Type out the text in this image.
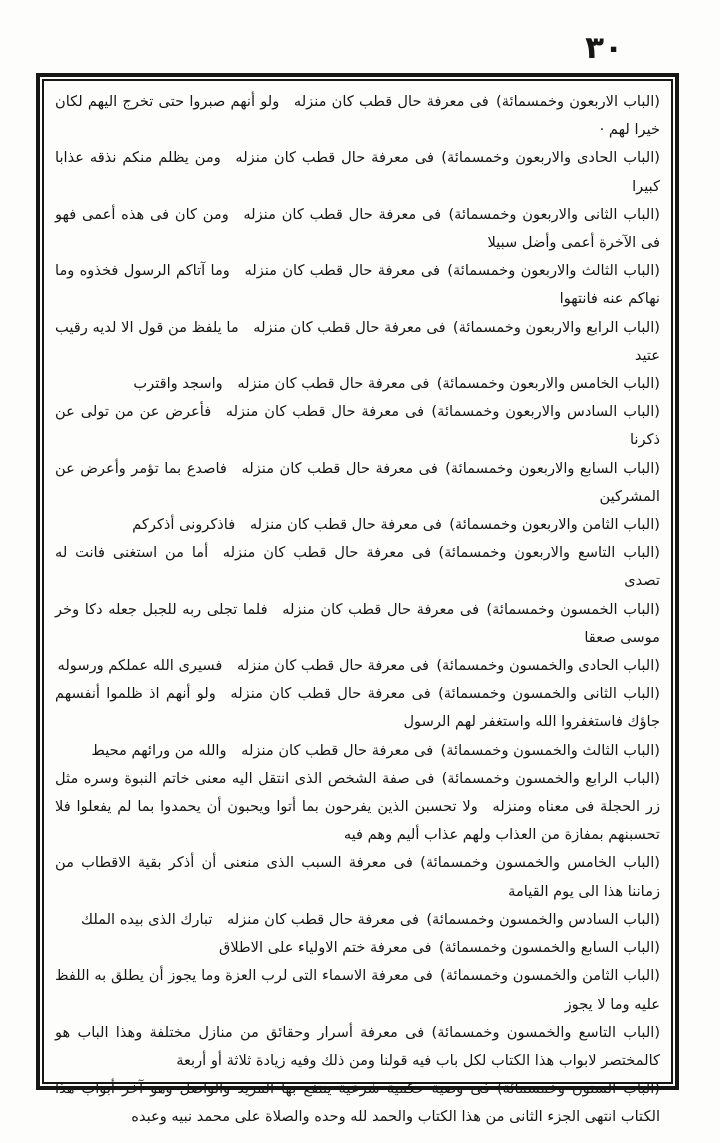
٣٠

(الباب الاربعون وخمسمائة) فى معرفة حال قطب كان منزله  ولو أنهم صبروا حتى تخرج اليهم لكان خيرا لهم ·

(الباب الحادى والاربعون وخمسمائة) فى معرفة حال قطب كان منزله  ومن يظلم منكم نذقه عذابا كبيرا

(الباب الثانى والاربعون وخمسمائة) فى معرفة حال قطب كان منزله  ومن كان فى هذه أعمى فهو فى الآخرة أعمى وأضل سبيلا

(الباب الثالث والاربعون وخمسمائة) فى معرفة حال قطب كان منزله  وما آتاكم الرسول فخذوه وما نهاكم عنه فانتهوا

(الباب الرابع والاربعون وخمسمائة) فى معرفة حال قطب كان منزله  ما يلفظ من قول الا لديه رقيب عتيد

(الباب الخامس والاربعون وخمسمائة) فى معرفة حال قطب كان منزله  واسجد واقترب

(الباب السادس والاربعون وخمسمائة) فى معرفة حال قطب كان منزله  فأعرض عن من تولى عن ذكرنا

(الباب السابع والاربعون وخمسمائة) فى معرفة حال قطب كان منزله  فاصدع بما تؤمر وأعرض عن المشركين

(الباب الثامن والاربعون وخمسمائة) فى معرفة حال قطب كان منزله  فاذكرونى أذكركم

(الباب التاسع والاربعون وخمسمائة) فى معرفة حال قطب كان منزله  أما من استغنى فانت له تصدى

(الباب الخمسون وخمسمائة) فى معرفة حال قطب كان منزله  فلما تجلى ربه للجبل جعله دكا وخر موسى صعقا

(الباب الحادى والخمسون وخمسمائة) فى معرفة حال قطب كان منزله  فسيرى الله عملكم ورسوله

(الباب الثانى والخمسون وخمسمائة) فى معرفة حال قطب كان منزله  ولو أنهم اذ ظلموا أنفسهم جاؤك فاستغفروا الله واستغفر لهم الرسول

(الباب الثالث والخمسون وخمسمائة) فى معرفة حال قطب كان منزله  والله من ورائهم محيط

(الباب الرابع والخمسون وخمسمائة) فى صفة الشخص الذى انتقل اليه معنى خاتم النبوة وسره مثل زر الحجلة فى معناه ومنزله  ولا تحسبن الذين يفرحون بما أتوا ويحبون أن يحمدوا بما لم يفعلوا فلا تحسبنهم بمفازة من العذاب ولهم عذاب أليم وهم فيه

(الباب الخامس والخمسون وخمسمائة) فى معرفة السبب الذى منعنى أن أذكر بقية الاقطاب من زماننا هذا الى يوم القيامة

(الباب السادس والخمسون وخمسمائة) فى معرفة حال قطب كان منزله  تبارك الذى بيده الملك

(الباب السابع والخمسون وخمسمائة) فى معرفة ختم الاولياء على الاطلاق

(الباب الثامن والخمسون وخمسمائة) فى معرفة الاسماء التى لرب العزة وما يجوز أن يطلق به اللفظ عليه وما لا يجوز

(الباب التاسع والخمسون وخمسمائة) فى معرفة أسرار وحقائق من منازل مختلفة وهذا الباب هو كالمختصر لابواب هذا الكتاب لكل باب فيه قولنا ومن ذلك وفيه زيادة ثلاثة أو أربعة

(الباب الستون وخمسمائة) فى وصية حكمية شرعية ينتفع بها المريد والواصل وهو آخر أبواب هذا الكتاب انتهى الجزء الثانى من هذا الكتاب والحمد لله وحده والصلاة على محمد نبيه وعبده
